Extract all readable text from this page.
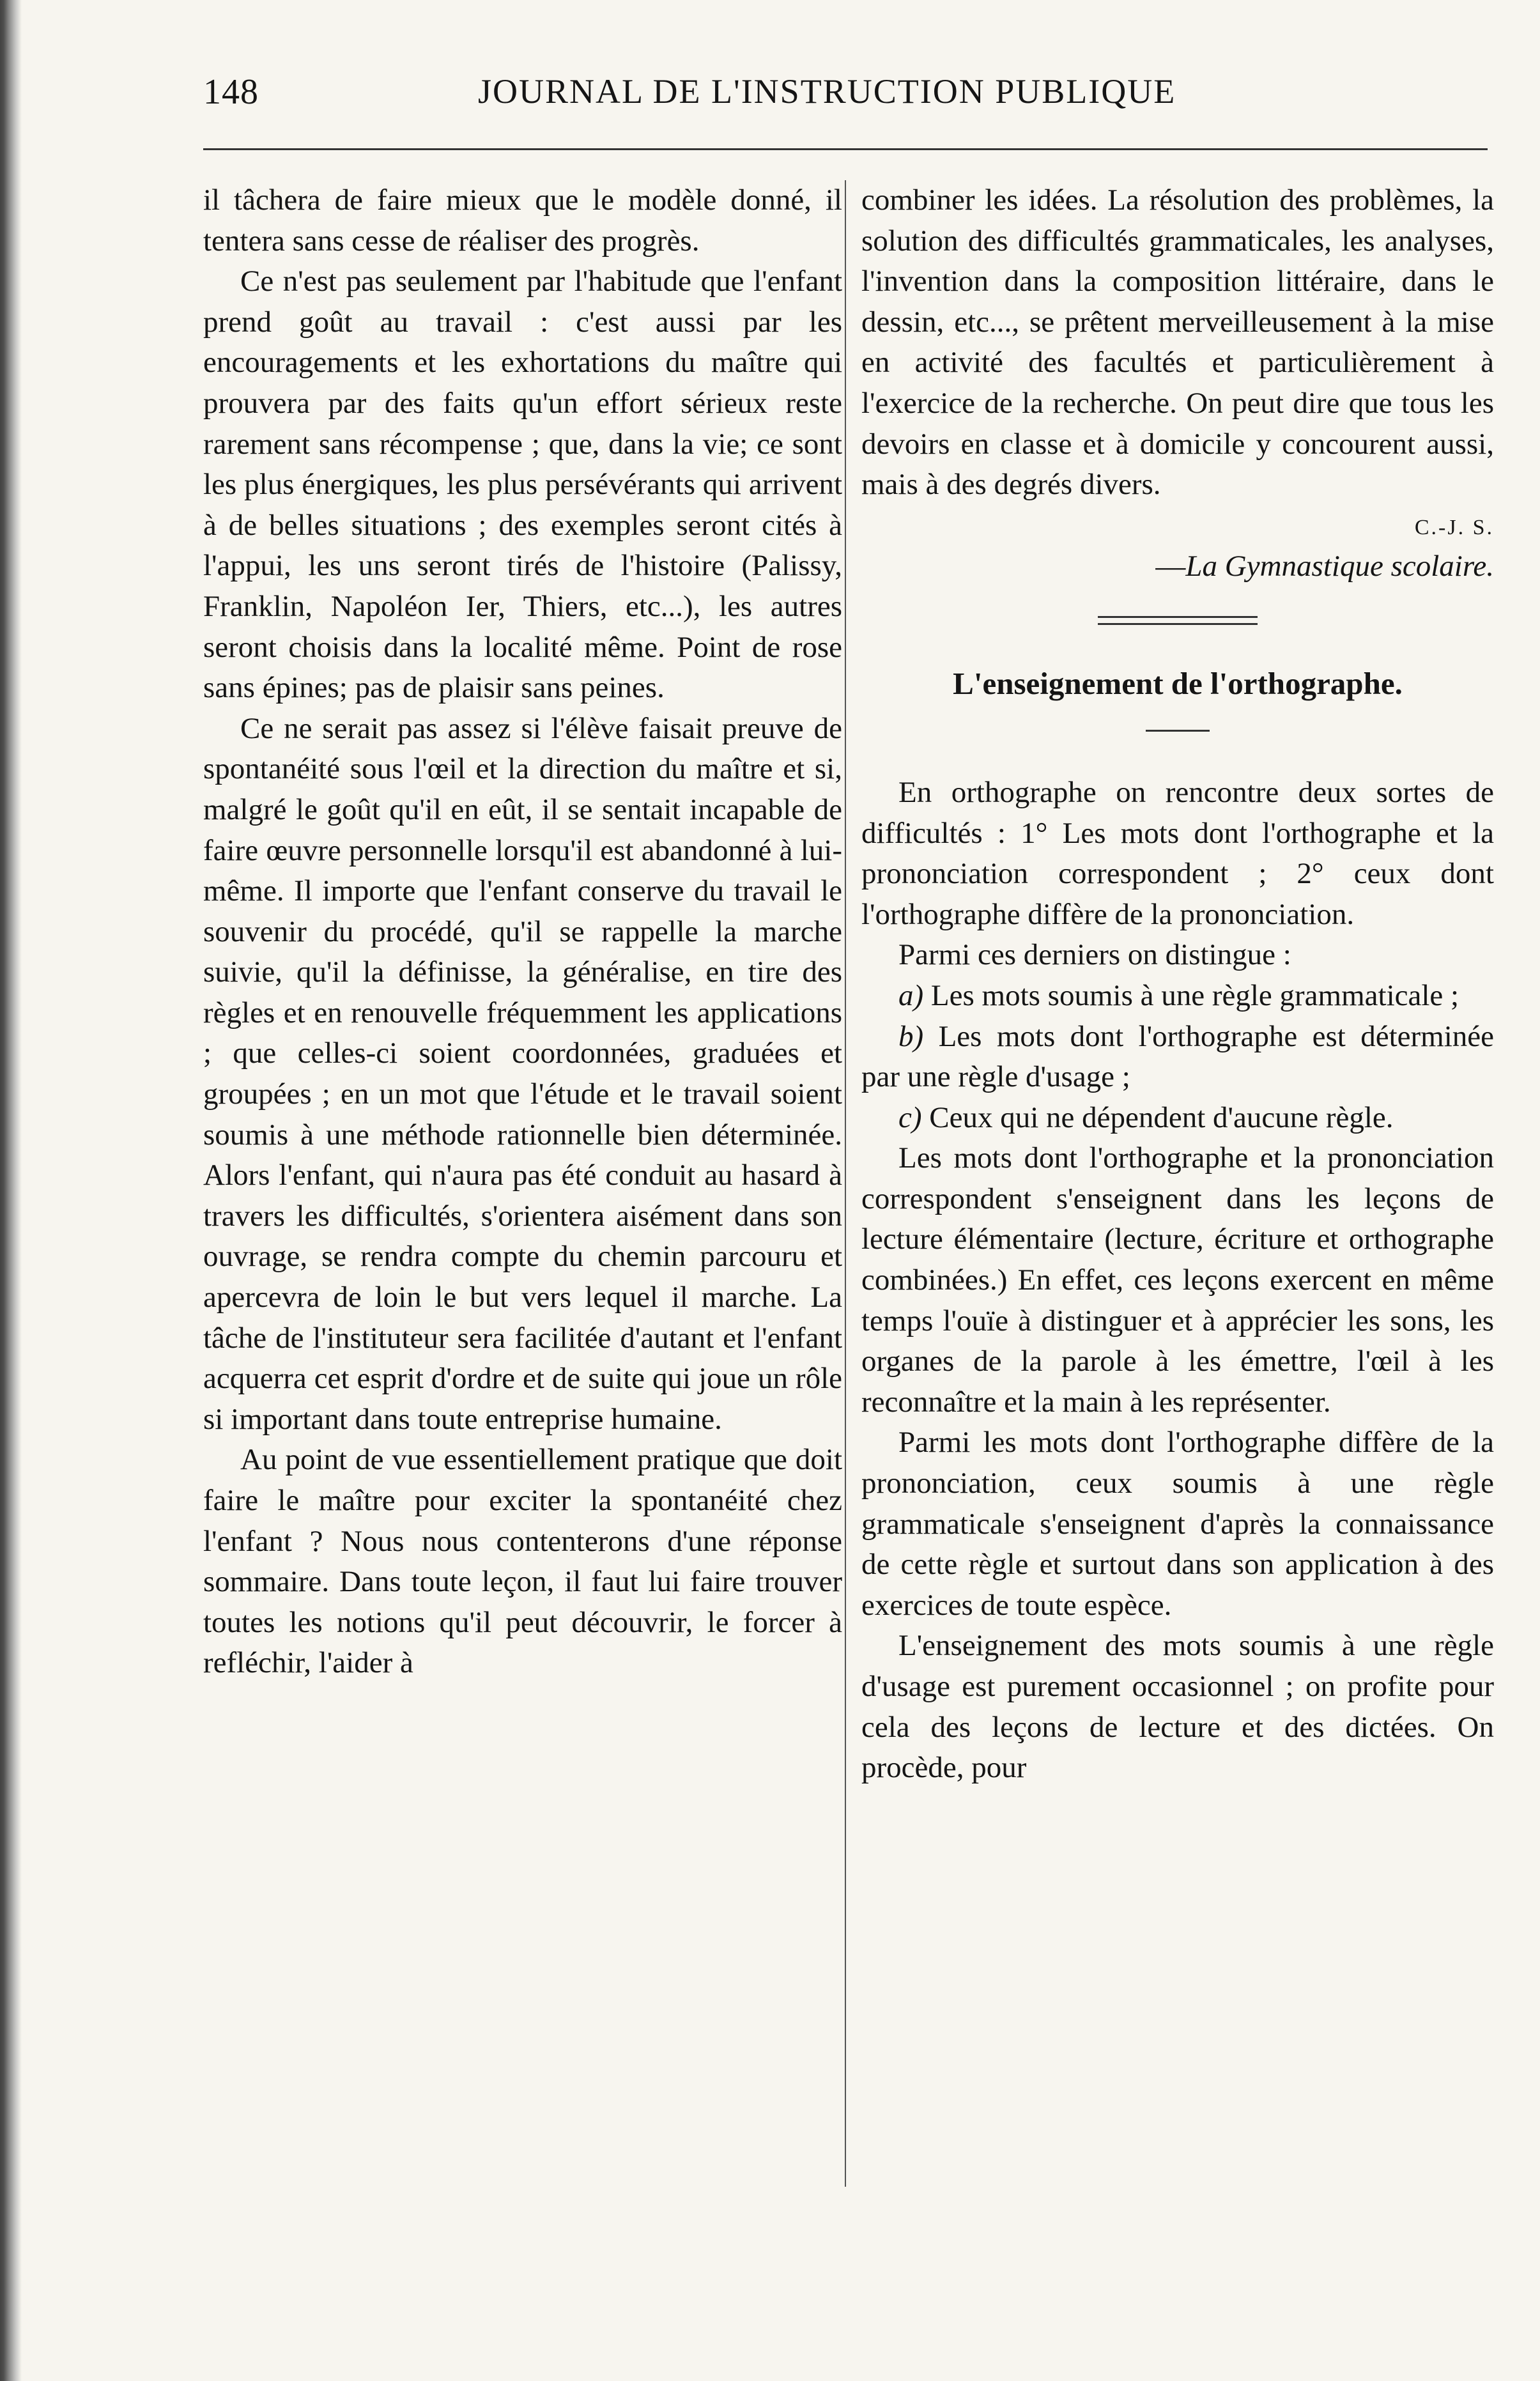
148	JOURNAL DE L'INSTRUCTION PUBLIQUE

il tâchera de faire mieux que le modèle donné, il tentera sans cesse de réaliser des progrès.

Ce n'est pas seulement par l'habitude que l'enfant prend goût au travail : c'est aussi par les encouragements et les exhortations du maître qui prouvera par des faits qu'un effort sérieux reste rarement sans récompense ; que, dans la vie; ce sont les plus énergiques, les plus persévérants qui arrivent à de belles situations ; des exemples seront cités à l'appui, les uns seront tirés de l'histoire (Palissy, Franklin, Napoléon Ier, Thiers, etc...), les autres seront choisis dans la localité même. Point de rose sans épines; pas de plaisir sans peines.

Ce ne serait pas assez si l'élève faisait preuve de spontanéité sous l'œil et la direction du maître et si, malgré le goût qu'il en eût, il se sentait incapable de faire œuvre personnelle lorsqu'il est abandonné à lui-même. Il importe que l'enfant conserve du travail le souvenir du procédé, qu'il se rappelle la marche suivie, qu'il la définisse, la généralise, en tire des règles et en renouvelle fréquemment les applications ; que celles-ci soient coordonnées, graduées et groupées ; en un mot que l'étude et le travail soient soumis à une méthode rationnelle bien déterminée. Alors l'enfant, qui n'aura pas été conduit au hasard à travers les difficultés, s'orientera aisément dans son ouvrage, se rendra compte du chemin parcouru et apercevra de loin le but vers lequel il marche. La tâche de l'instituteur sera facilitée d'autant et l'enfant acquerra cet esprit d'ordre et de suite qui joue un rôle si important dans toute entreprise humaine.

Au point de vue essentiellement pratique que doit faire le maître pour exciter la spontanéité chez l'enfant ? Nous nous contenterons d'une réponse sommaire. Dans toute leçon, il faut lui faire trouver toutes les notions qu'il peut découvrir, le forcer à refléchir, l'aider à

combiner les idées. La résolution des problèmes, la solution des difficultés grammaticales, les analyses, l'invention dans la composition littéraire, dans le dessin, etc..., se prêtent merveilleusement à la mise en activité des facultés et particulièrement à l'exercice de la recherche. On peut dire que tous les devoirs en classe et à domicile y concourent aussi, mais à des degrés divers.

C.-J. S.
—La Gymnastique scolaire.
L'enseignement de l'orthographe.

En orthographe on rencontre deux sortes de difficultés : 1° Les mots dont l'orthographe et la prononciation correspondent ; 2° ceux dont l'orthographe diffère de la prononciation.

Parmi ces derniers on distingue :

a) Les mots soumis à une règle grammaticale ;

b) Les mots dont l'orthographe est déterminée par une règle d'usage ;

c) Ceux qui ne dépendent d'aucune règle.

Les mots dont l'orthographe et la prononciation correspondent s'enseignent dans les leçons de lecture élémentaire (lecture, écriture et orthographe combinées.) En effet, ces leçons exercent en même temps l'ouïe à distinguer et à apprécier les sons, les organes de la parole à les émettre, l'œil à les reconnaître et la main à les représenter.

Parmi les mots dont l'orthographe diffère de la prononciation, ceux soumis à une règle grammaticale s'enseignent d'après la connaissance de cette règle et surtout dans son application à des exercices de toute espèce.

L'enseignement des mots soumis à une règle d'usage est purement occasionnel ; on profite pour cela des leçons de lecture et des dictées. On procède, pour
